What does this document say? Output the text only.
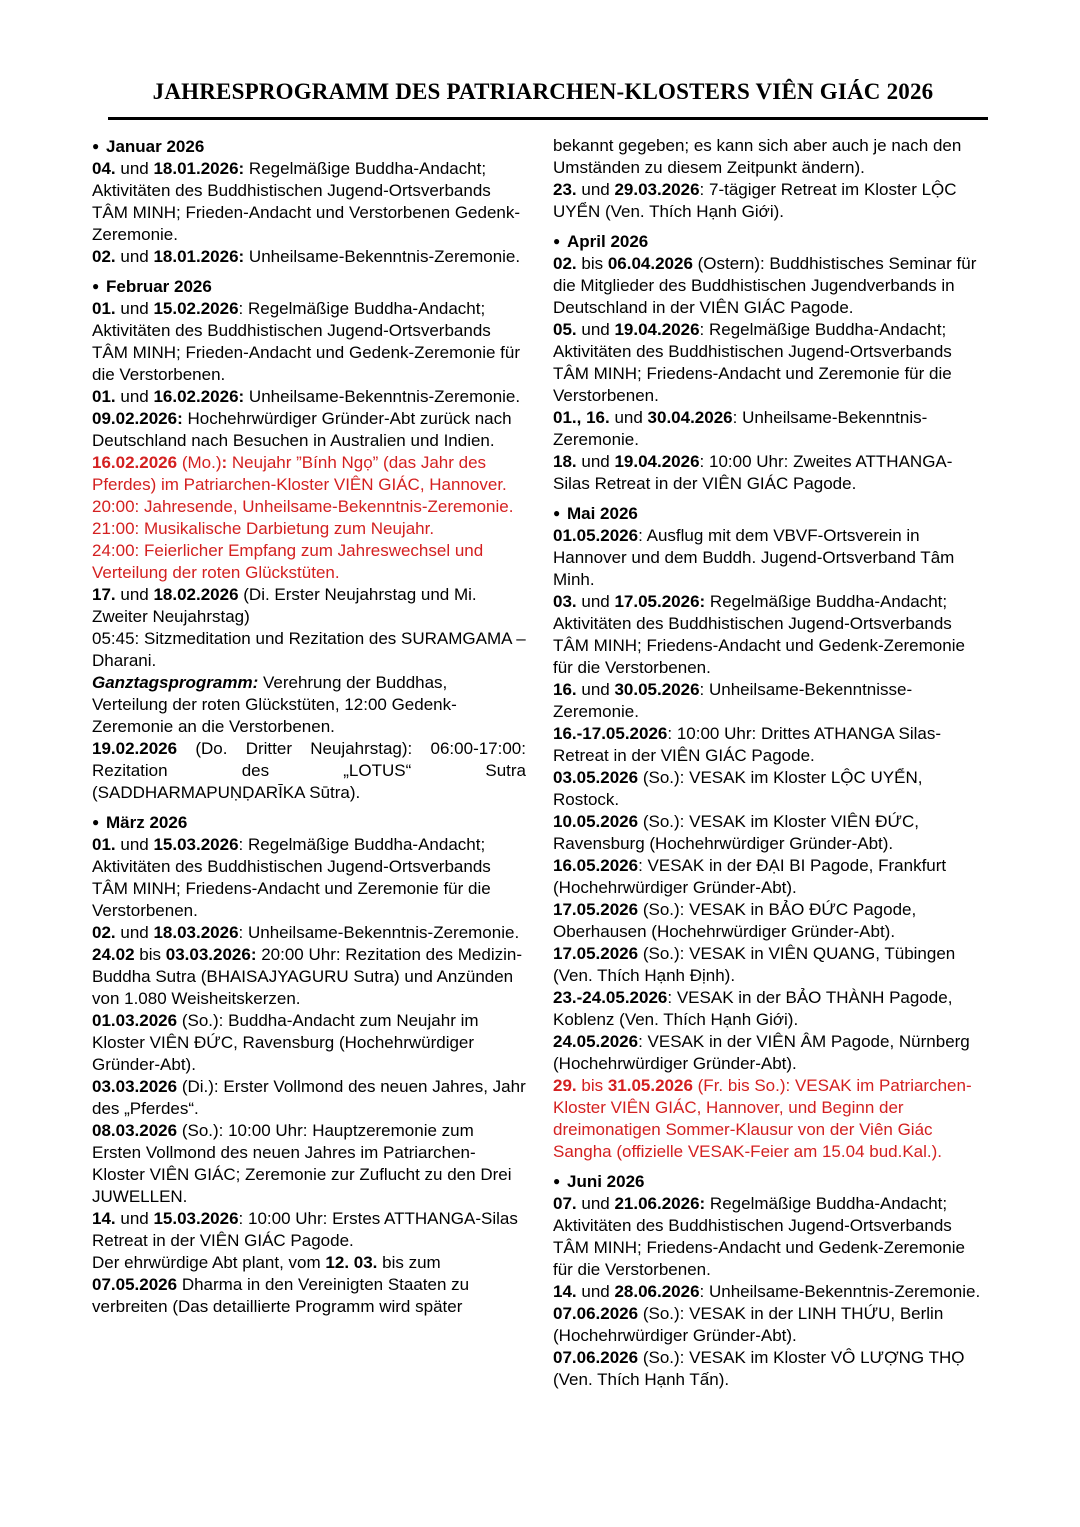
JAHRESPROGRAMM DES PATRIARCHEN-KLOSTERS VIÊN GIÁC 2026
● Januar 2026
04. und 18.01.2026: Regelmäßige Buddha-Andacht; Aktivitäten des Buddhistischen Jugend-Ortsverbands TÂM MINH; Frieden-Andacht und Verstorbenen Gedenk-Zeremonie.
02. und 18.01.2026: Unheilsame-Bekenntnis-Zeremonie.
● Februar 2026
01. und 15.02.2026: Regelmäßige Buddha-Andacht; Aktivitäten des Buddhistischen Jugend-Ortsverbands TÂM MINH; Frieden-Andacht und Gedenk-Zeremonie für die Verstorbenen.
01. und 16.02.2026: Unheilsame-Bekenntnis-Zeremonie.
09.02.2026: Hochehrwürdiger Gründer-Abt zurück nach Deutschland nach Besuchen in Australien und Indien.
16.02.2026 (Mo.): Neujahr ”Bính Ngọ” (das Jahr des Pferdes) im Patriarchen-Kloster VIÊN GIÁC, Hannover.
20:00: Jahresende, Unheilsame-Bekenntnis-Zeremonie.
21:00: Musikalische Darbietung zum Neujahr.
24:00: Feierlicher Empfang zum Jahreswechsel und Verteilung der roten Glückstüten.
17. und 18.02.2026 (Di. Erster Neujahrstag und Mi. Zweiter Neujahrstag)
05:45: Sitzmeditation und Rezitation des SURAMGAMA – Dharani.
Ganztagsprogramm: Verehrung der Buddhas, Verteilung der roten Glückstüten, 12:00 Gedenk-Zeremonie an die Verstorbenen.
19.02.2026 (Do. Dritter Neujahrstag): 06:00-17:00: Rezitation des „LOTUS“ Sutra
(SADDHARMAPUṆḌARĪKA Sūtra).
● März 2026
01. und 15.03.2026: Regelmäßige Buddha-Andacht; Aktivitäten des Buddhistischen Jugend-Ortsverbands TÂM MINH; Friedens-Andacht und Zeremonie für die Verstorbenen.
02. und 18.03.2026: Unheilsame-Bekenntnis-Zeremonie.
24.02 bis 03.03.2026: 20:00 Uhr: Rezitation des Medizin-Buddha Sutra (BHAISAJYAGURU Sutra) und Anzünden von 1.080 Weisheitskerzen.
01.03.2026 (So.): Buddha-Andacht zum Neujahr im Kloster VIÊN ĐỨC, Ravensburg (Hochehrwürdiger Gründer-Abt).
03.03.2026 (Di.): Erster Vollmond des neuen Jahres, Jahr des „Pferdes“.
08.03.2026 (So.): 10:00 Uhr: Hauptzeremonie zum Ersten Vollmond des neuen Jahres im Patriarchen-Kloster VIÊN GIÁC; Zeremonie zur Zuflucht zu den Drei JUWELLEN.
14. und 15.03.2026: 10:00 Uhr: Erstes ATTHANGA-Silas Retreat in der VIÊN GIÁC Pagode.
Der ehrwürdige Abt plant, vom 12. 03. bis zum 07.05.2026 Dharma in den Vereinigten Staaten zu verbreiten (Das detaillierte Programm wird später
bekannt gegeben; es kann sich aber auch je nach den Umständen zu diesem Zeitpunkt ändern).
23. und 29.03.2026: 7-tägiger Retreat im Kloster LỘC UYỂN (Ven. Thích Hạnh Giới).
● April 2026
02. bis 06.04.2026 (Ostern): Buddhistisches Seminar für die Mitglieder des Buddhistischen Jugendverbands in Deutschland in der VIÊN GIÁC Pagode.
05. und 19.04.2026: Regelmäßige Buddha-Andacht; Aktivitäten des Buddhistischen Jugend-Ortsverbands TÂM MINH; Friedens-Andacht und Zeremonie für die Verstorbenen.
01., 16. und 30.04.2026: Unheilsame-Bekenntnis-Zeremonie.
18. und 19.04.2026: 10:00 Uhr: Zweites ATTHANGA-Silas Retreat in der VIÊN GIÁC Pagode.
● Mai 2026
01.05.2026: Ausflug mit dem VBVF-Ortsverein in Hannover und dem Buddh. Jugend-Ortsverband Tâm Minh.
03. und 17.05.2026: Regelmäßige Buddha-Andacht; Aktivitäten des Buddhistischen Jugend-Ortsverbands TÂM MINH; Friedens-Andacht und Gedenk-Zeremonie für die Verstorbenen.
16. und 30.05.2026: Unheilsame-Bekenntnisse-Zeremonie.
16.-17.05.2026: 10:00 Uhr: Drittes ATHANGA Silas-Retreat in der VIÊN GIÁC Pagode.
03.05.2026 (So.): VESAK im Kloster LỘC UYỂN, Rostock.
10.05.2026 (So.): VESAK im Kloster VIÊN ĐỨC, Ravensburg (Hochehrwürdiger Gründer-Abt).
16.05.2026: VESAK in der ĐẠI BI Pagode, Frankfurt (Hochehrwürdiger Gründer-Abt).
17.05.2026 (So.): VESAK in BẢO ĐỨC Pagode, Oberhausen (Hochehrwürdiger Gründer-Abt).
17.05.2026 (So.): VESAK in VIÊN QUANG, Tübingen (Ven. Thích Hạnh Định).
23.-24.05.2026: VESAK in der BẢO THÀNH Pagode, Koblenz (Ven. Thích Hạnh Giới).
24.05.2026: VESAK in der VIÊN ÂM Pagode, Nürnberg (Hochehrwürdiger Gründer-Abt).
29. bis 31.05.2026 (Fr. bis So.): VESAK im Patriarchen-Kloster VIÊN GIÁC, Hannover, und Beginn der dreimonatigen Sommer-Klausur von der Viên Giác Sangha (offizielle VESAK-Feier am 15.04 bud.Kal.).
● Juni 2026
07. und 21.06.2026: Regelmäßige Buddha-Andacht; Aktivitäten des Buddhistischen Jugend-Ortsverbands TÂM MINH; Friedens-Andacht und Gedenk-Zeremonie für die Verstorbenen.
14. und 28.06.2026: Unheilsame-Bekenntnis-Zeremonie.
07.06.2026 (So.): VESAK in der LINH THỨU, Berlin (Hochehrwürdiger Gründer-Abt).
07.06.2026 (So.): VESAK im Kloster VÔ LƯỢNG THỌ (Ven. Thích Hạnh Tấn).
